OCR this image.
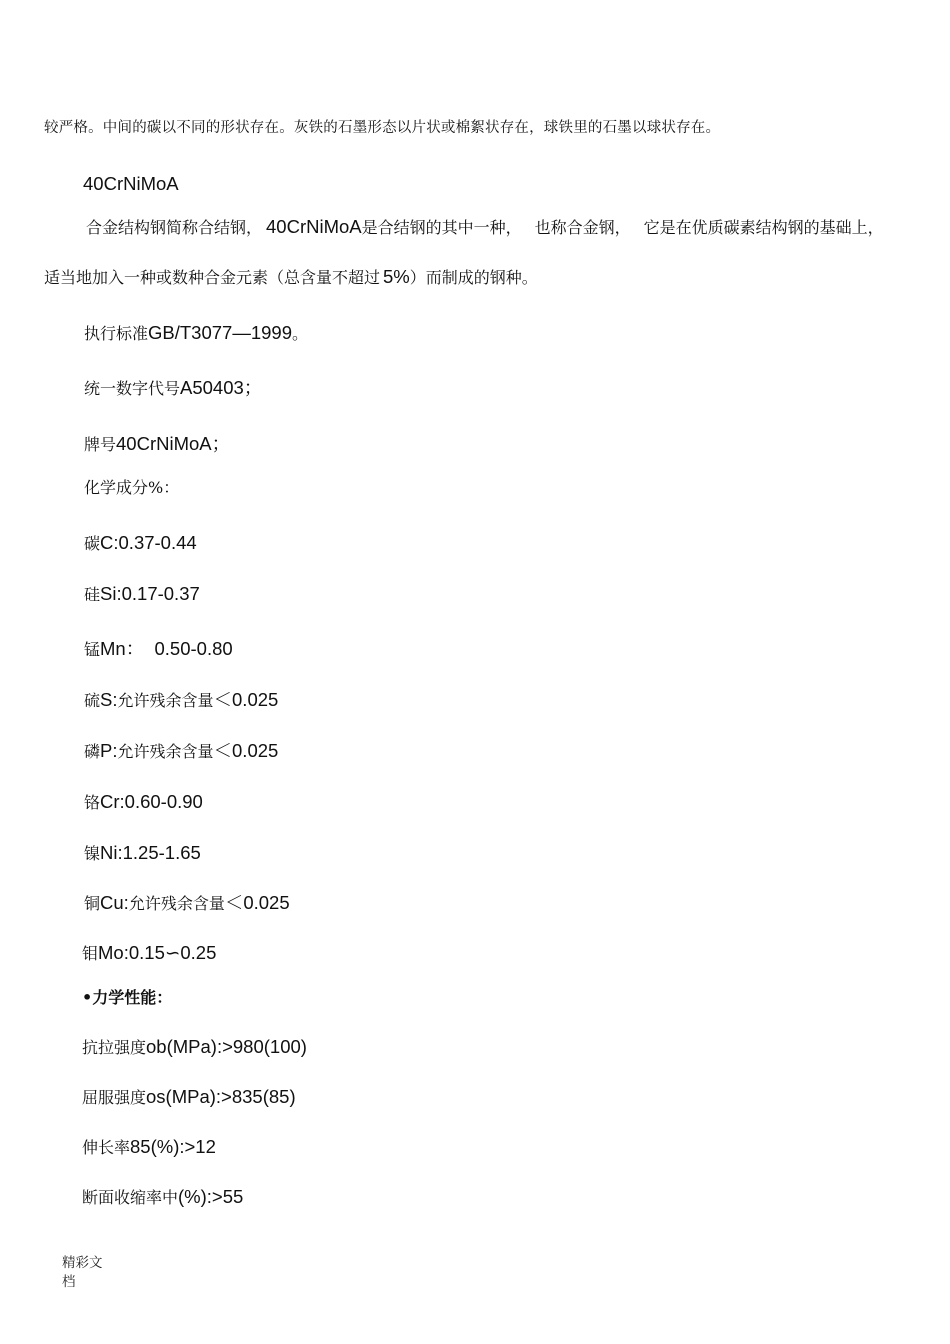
较严格。中间的碳以不同的形状存在。灰铁的石墨形态以片状或棉絮状存在，球铁里的石墨以球状存在。
40CrNiMoA
合金结构钢简称合结钢， 40CrNiMoA是合结钢的其中一种， 也称合金钢， 它是在优质碳素结构钢的基础上，
适当地加入一种或数种合金元素（总含量不超过 5%）而制成的钢种。
执行标准GB/T3077—1999。
统一数字代号A50403；
牌号40CrNiMoA；
化学成分%：
碳C:0.37-0.44
硅Si:0.17-0.37
锰Mn：  0.50-0.80
硫S:允许残余含量＜0.025
磷P:允许残余含量＜0.025
铬Cr:0.60-0.90
镍Ni:1.25-1.65
铜Cu:允许残余含量＜0.025
钼Mo:0.15∽0.25
•力学性能：
抗拉强度ob(MPa):>980(100)
屈服强度os(MPa):>835(85)
伸长率85(%):>12
断面收缩率中(%):>55
精彩文档
